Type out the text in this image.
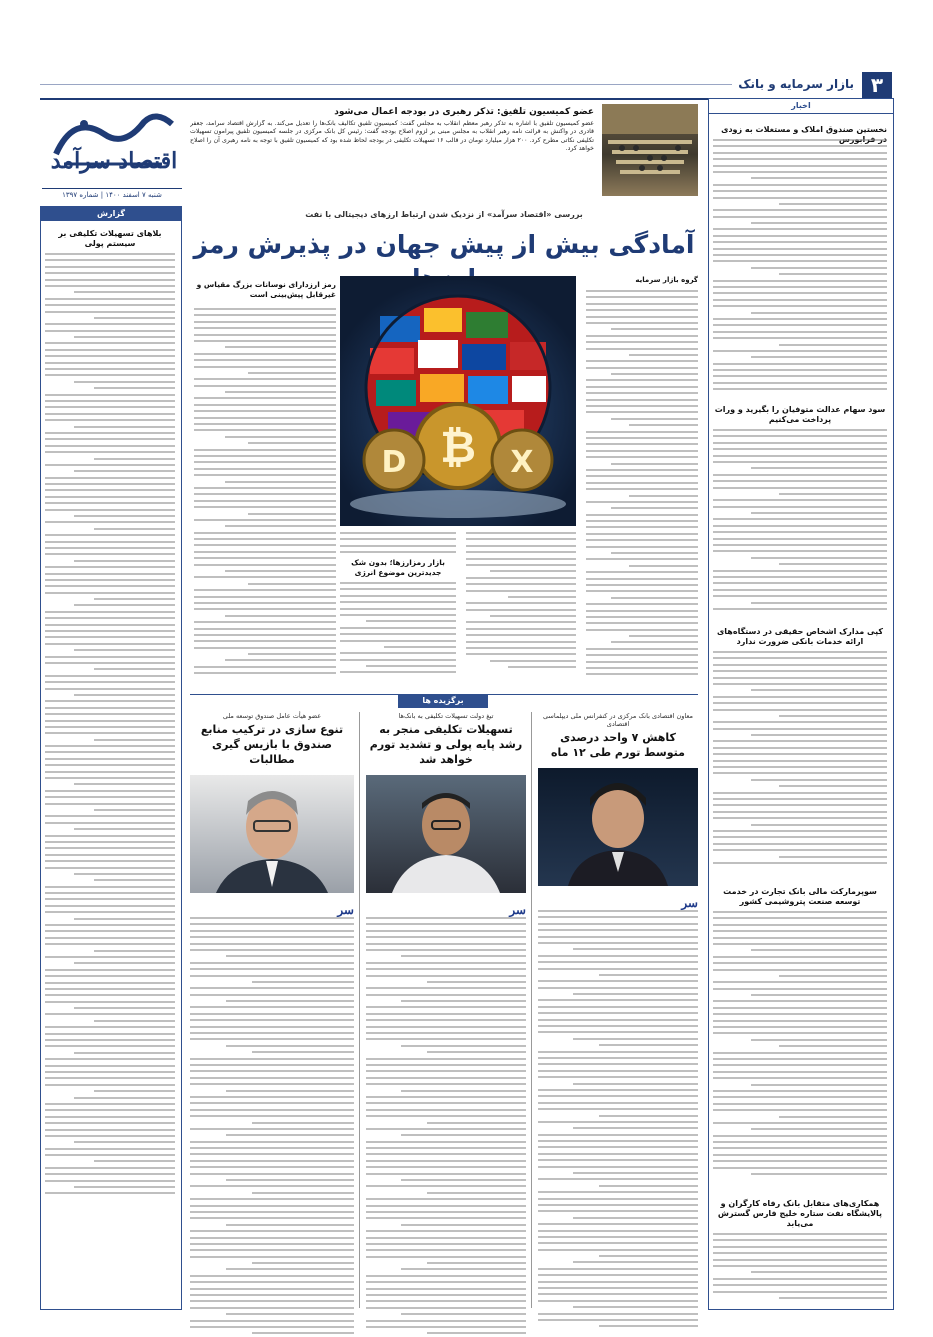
۳
بازار سرمایه و بانک
اقتصاد سرآمد
شنبه ۷ اسفند ۱۴۰۰ | شماره ۱۳۹۷
عضو کمیسیون تلفیق: تذکر رهبری در بودجه اعمال می‌شود
عضو کمیسیون تلفیق با اشاره به تذکر رهبر معظم انقلاب به مجلس گفت: کمیسیون تلفیق تکالیف بانک‌ها را تعدیل می‌کند. به گزارش اقتصاد سرآمد، جعفر قادری در واکنش به قرائت نامه رهبر انقلاب به مجلس مبنی بر لزوم اصلاح بودجه گفت: رئیس کل بانک مرکزی در جلسه کمیسیون تلفیق پیرامون تسهیلات تکلیفی نکاتی مطرح کرد. ۲۰۰ هزار میلیارد تومان در قالب ۱۶ تسهیلات تکلیفی در بودجه لحاظ شده بود که کمیسیون تلفیق با توجه به نامه رهبری آن را اصلاح خواهد کرد.
اخبار
نخستین صندوق املاک و مستغلات به زودی
سود سهام عدالت متوفیان را بگیرید و ورات پرداخت می‌کنیم
کپی مدارک اشخاص حقیقی در دستگاه‌های ارائه خدمات بانکی ضرورت ندارد
سوپرمارکت مالی بانک تجارت در خدمت توسعه صنعت پتروشیمی کشور
همکاری‌های متقابل بانک رفاه کارگران و پالایشگاه نفت ستاره خلیج فارس گسترش می‌یابد
گزارش
بلاهای تسهیلات تکلیفی بر سیستم پولی
بررسی «اقتصاد سرآمد» از نزدیک شدن ارتباط ارزهای دیجیتالی با نفت
آمادگی بیش از پیش جهان در پذیرش رمز
گروه بازار سرمایه
₿
D	X
رمز ارزدارای نوسانات بزرگ مقیاس و غیرقابل پیش‌بینی است
بازار رمزارزها؛ بدون شک جدیدترین موضوع انرژی
برگزیده ها
معاون اقتصادی بانک مرکزی در کنفرانس ملی دیپلماسی اقتصادی
کاهش ۷ واحد درصدی متوسط تورم طی ۱۲ ماه
سر
تیغ دولت تسهیلات تکلیفی به بانک‌ها
تسهیلات تکلیفی منجر به رشد پایه پولی و تشدید تورم خواهد شد
سر
عضو هیأت عامل صندوق توسعه ملی
تنوع سازی در ترکیب منابع صندوق با بازیس گیری مطالبات
سر
